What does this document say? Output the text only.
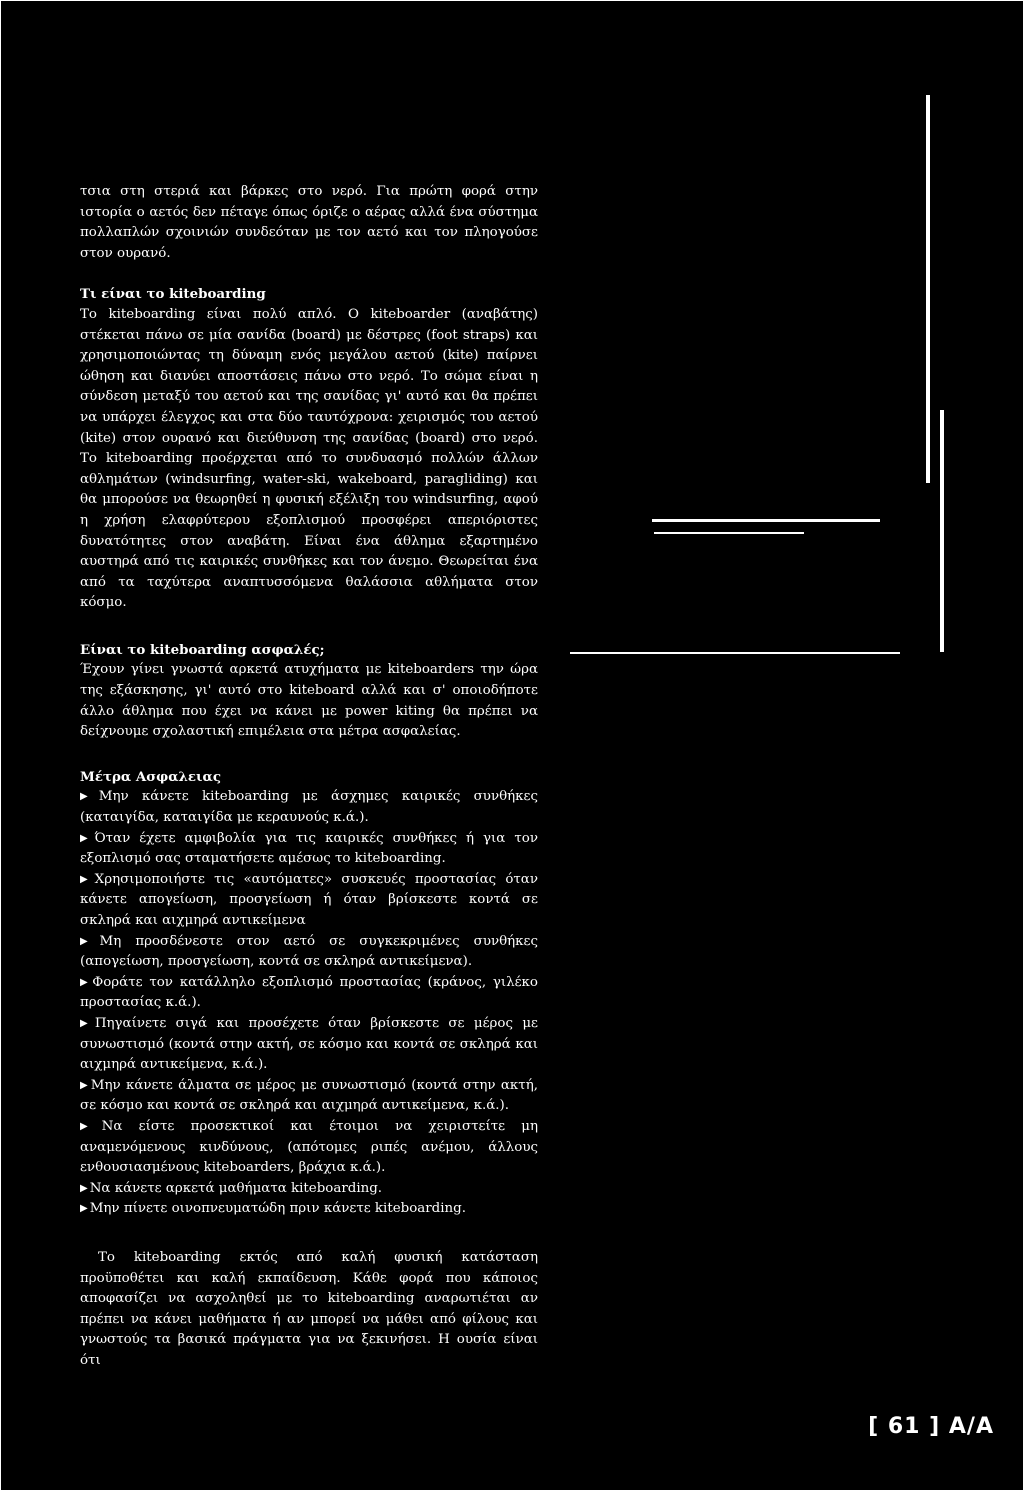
τσια στη στεριά και βάρκες στο νερό. Για πρώτη φορά στην ιστορία ο αετός δεν πέταγε όπως όριζε ο αέρας αλλά ένα σύστημα πολλαπλών σχοινιών συνδεόταν με τον αετό και τον πληογούσε στον ουρανό.

Τι είναι το kiteboarding

Το kiteboarding είναι πολύ απλό. Ο kiteboarder (αναβάτης) στέκεται πάνω σε μία σανίδα (board) με δέστρες (foot straps) και χρησιμοποιώντας τη δύναμη ενός μεγάλου αετού (kite) παίρνει ώθηση και διανύει αποστάσεις πάνω στο νερό. Το σώμα είναι η σύνδεση μεταξύ του αετού και της σανίδας γι' αυτό και θα πρέπει να υπάρχει έλεγχος και στα δύο ταυτόχρονα: χειρισμός του αετού (kite) στον ουρανό και διεύθυνση της σανίδας (board) στο νερό. Το kiteboarding προέρχεται από το συνδυασμό πολλών άλλων αθλημάτων (windsurfing, water-ski, wakeboard, paragliding) και θα μπορούσε να θεωρηθεί η φυσική εξέλιξη του windsurfing, αφού η χρήση ελαφρύτερου εξοπλισμού προσφέρει απεριόριστες δυνατότητες στον αναβάτη. Είναι ένα άθλημα εξαρτημένο αυστηρά από τις καιρικές συνθήκες και τον άνεμο. Θεωρείται ένα από τα ταχύτερα αναπτυσσόμενα θαλάσσια αθλήματα στον κόσμο.

Είναι το kiteboarding ασφαλές;

Έχουν γίνει γνωστά αρκετά ατυχήματα με kiteboarders την ώρα της εξάσκησης, γι' αυτό στο kiteboard αλλά και σ' οποιοδήποτε άλλο άθλημα που έχει να κάνει με power kiting θα πρέπει να δείχνουμε σχολαστική επιμέλεια στα μέτρα ασφαλείας.

Μέτρα Ασφαλειας

▶ Μην κάνετε kiteboarding με άσχημες καιρικές συνθήκες (καταιγίδα, καταιγίδα με κεραυνούς κ.ά.).
▶ Όταν έχετε αμφιβολία για τις καιρικές συνθήκες ή για τον εξοπλισμό σας σταματήσετε αμέσως το kiteboarding.
▶ Χρησιμοποιήστε τις «αυτόματες» συσκευές προστασίας όταν κάνετε απογείωση, προσγείωση ή όταν βρίσκεστε κοντά σε σκληρά και αιχμηρά αντικείμενα
▶ Μη προσδένεστε στον αετό σε συγκεκριμένες συνθήκες (απογείωση, προσγείωση, κοντά σε σκληρά αντικείμενα).
▶ Φοράτε τον κατάλληλο εξοπλισμό προστασίας (κράνος, γιλέκο προστασίας κ.ά.).
▶ Πηγαίνετε σιγά και προσέχετε όταν βρίσκεστε σε μέρος με συνωστισμό (κοντά στην ακτή, σε κόσμο και κοντά σε σκληρά και αιχμηρά αντικείμενα, κ.ά.).
▶ Μην κάνετε άλματα σε μέρος με συνωστισμό (κοντά στην ακτή, σε κόσμο και κοντά σε σκληρά και αιχμηρά αντικείμενα, κ.ά.).
▶ Να είστε προσεκτικοί και έτοιμοι να χειριστείτε μη αναμενόμενους κινδύνους, (απότομες ριπές ανέμου, άλλους ενθουσιασμένους kiteboarders, βράχια κ.ά.).
▶ Να κάνετε αρκετά μαθήματα kiteboarding.
▶ Μην πίνετε οινοπνευματώδη πριν κάνετε kiteboarding.

Το kiteboarding εκτός από καλή φυσική κατάσταση προϋποθέτει και καλή εκπαίδευση. Κάθε φορά που κάποιος αποφασίζει να ασχοληθεί με το kiteboarding αναρωτιέται αν πρέπει να κάνει μαθήματα ή αν μπορεί να μάθει από φίλους και γνωστούς τα βασικά πράγματα για να ξεκινήσει. Η ουσία είναι ότι

[ 61 ] A/A
